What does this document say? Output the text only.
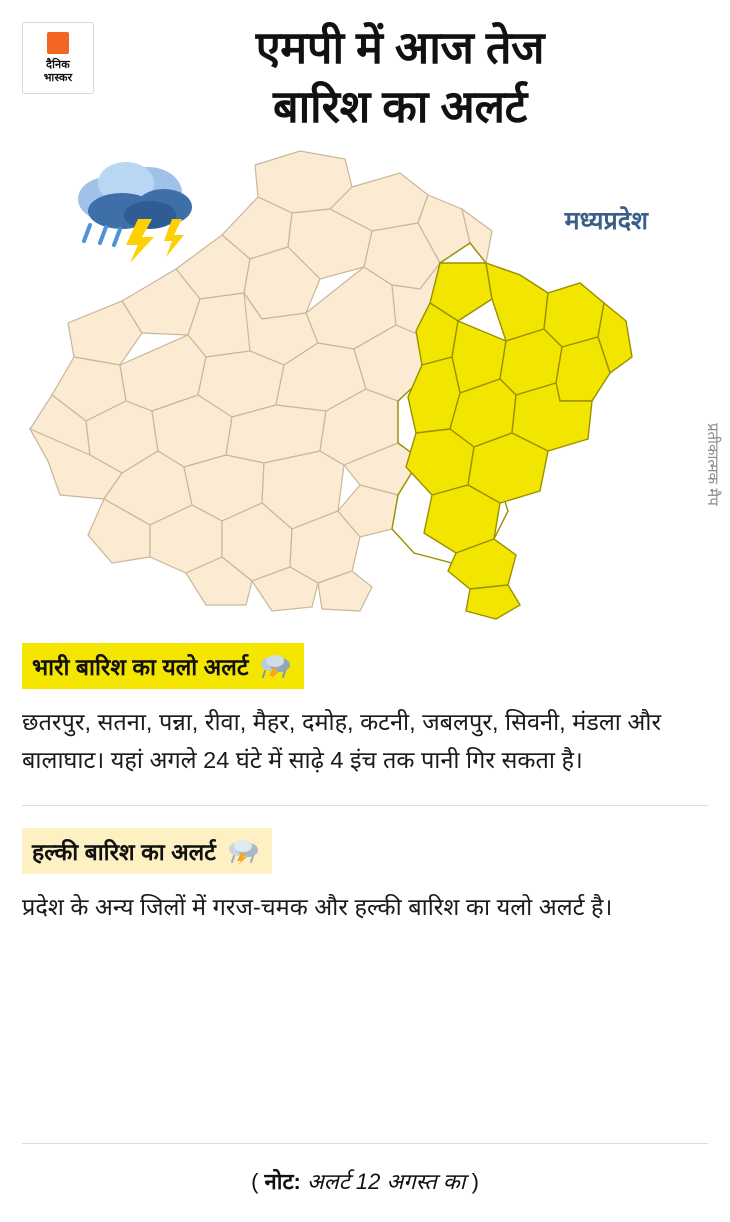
दैनिक
भास्कर
एमपी में आज तेज
बारिश का अलर्ट
मध्यप्रदेश
प्रतीकात्मक मैप
भारी बारिश का यलो अलर्ट

छतरपुर, सतना, पन्ना, रीवा, मैहर, दमोह, कटनी, जबलपुर, सिवनी, मंडला और बालाघाट। यहां अगले 24 घंटे में साढ़े 4 इंच तक पानी गिर सकता है।

हल्की बारिश का अलर्ट

प्रदेश के अन्य जिलों में गरज-चमक और हल्की बारिश का यलो अलर्ट है।

( नोट: अलर्ट 12 अगस्त का )
